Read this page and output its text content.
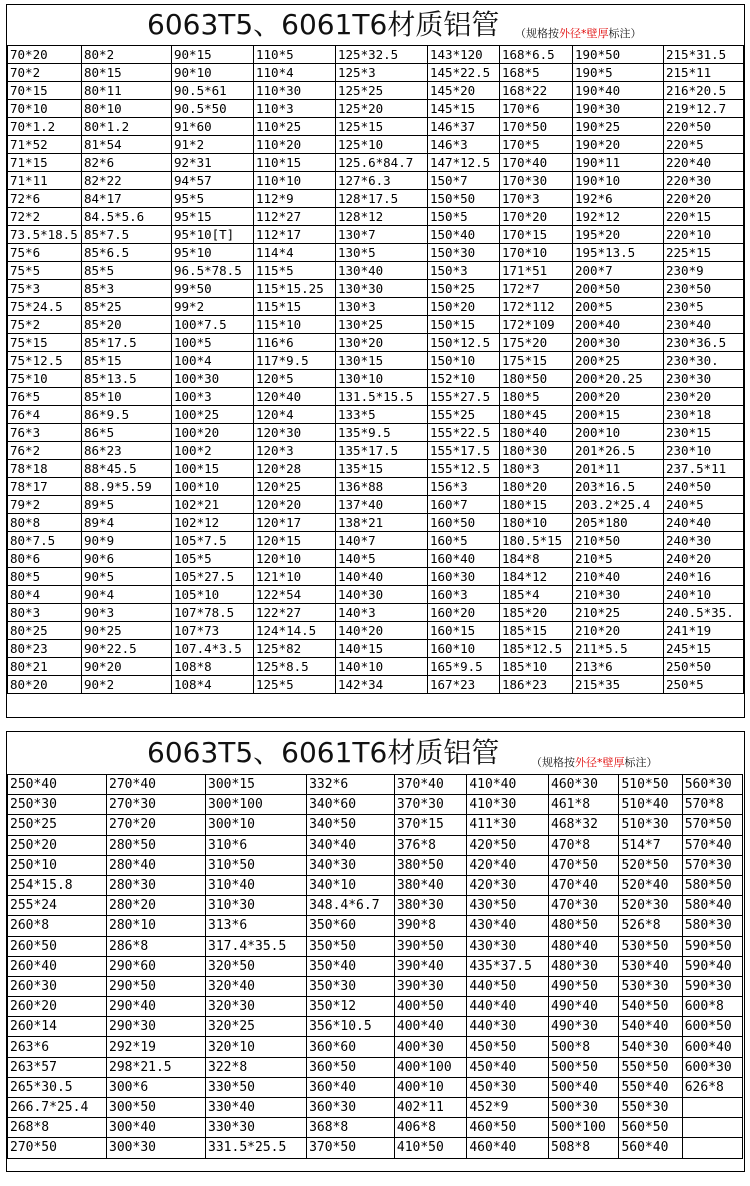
6063T5、6061T6材质铝管 （规格按外径*壁厚标注）
70*20	80*2	90*15	110*5	125*32.5	143*120	168*6.5	190*50	215*31.5
70*2	80*15	90*10	110*4	125*3	145*22.5	168*5	190*5	215*11
70*15	80*11	90.5*61	110*30	125*25	145*20	168*22	190*40	216*20.5
70*10	80*10	90.5*50	110*3	125*20	145*15	170*6	190*30	219*12.7
70*1.2	80*1.2	91*60	110*25	125*15	146*37	170*50	190*25	220*50
71*52	81*54	91*2	110*20	125*10	146*3	170*5	190*20	220*5
71*15	82*6	92*31	110*15	125.6*84.7	147*12.5	170*40	190*11	220*40
71*11	82*22	94*57	110*10	127*6.3	150*7	170*30	190*10	220*30
72*6	84*17	95*5	112*9	128*17.5	150*50	170*3	192*6	220*20
72*2	84.5*5.6	95*15	112*27	128*12	150*5	170*20	192*12	220*15
73.5*18.5	85*7.5	95*10[T]	112*17	130*7	150*40	170*15	195*20	220*10
75*6	85*6.5	95*10	114*4	130*5	150*30	170*10	195*13.5	225*15
75*5	85*5	96.5*78.5	115*5	130*40	150*3	171*51	200*7	230*9
75*3	85*3	99*50	115*15.25	130*30	150*25	172*7	200*50	230*50
75*24.5	85*25	99*2	115*15	130*3	150*20	172*112	200*5	230*5
75*2	85*20	100*7.5	115*10	130*25	150*15	172*109	200*40	230*40
75*15	85*17.5	100*5	116*6	130*20	150*12.5	175*20	200*30	230*36.5
75*12.5	85*15	100*4	117*9.5	130*15	150*10	175*15	200*25	230*30.
75*10	85*13.5	100*30	120*5	130*10	152*10	180*50	200*20.25	230*30
76*5	85*10	100*3	120*40	131.5*15.5	155*27.5	180*5	200*20	230*20
76*4	86*9.5	100*25	120*4	133*5	155*25	180*45	200*15	230*18
76*3	86*5	100*20	120*30	135*9.5	155*22.5	180*40	200*10	230*15
76*2	86*23	100*2	120*3	135*17.5	155*17.5	180*30	201*26.5	230*10
78*18	88*45.5	100*15	120*28	135*15	155*12.5	180*3	201*11	237.5*11
78*17	88.9*5.59	100*10	120*25	136*88	156*3	180*20	203*16.5	240*50
79*2	89*5	102*21	120*20	137*40	160*7	180*15	203.2*25.4	240*5
80*8	89*4	102*12	120*17	138*21	160*50	180*10	205*180	240*40
80*7.5	90*9	105*7.5	120*15	140*7	160*5	180.5*15	210*50	240*30
80*6	90*6	105*5	120*10	140*5	160*40	184*8	210*5	240*20
80*5	90*5	105*27.5	121*10	140*40	160*30	184*12	210*40	240*16
80*4	90*4	105*10	122*54	140*30	160*3	185*4	210*30	240*10
80*3	90*3	107*78.5	122*27	140*3	160*20	185*20	210*25	240.5*35.
80*25	90*25	107*73	124*14.5	140*20	160*15	185*15	210*20	241*19
80*23	90*22.5	107.4*3.5	125*82	140*15	160*10	185*12.5	211*5.5	245*15
80*21	90*20	108*8	125*8.5	140*10	165*9.5	185*10	213*6	250*50
80*20	90*2	108*4	125*5	142*34	167*23	186*23	215*35	250*5
6063T5、6061T6材质铝管	（规格按外径*壁厚标注）
250*40	270*40	300*15	332*6	370*40	410*40	460*30	510*50	560*30
250*30	270*30	300*100	340*60	370*30	410*30	461*8	510*40	570*8
250*25	270*20	300*10	340*50	370*15	411*30	468*32	510*30	570*50
250*20	280*50	310*6	340*40	376*8	420*50	470*8	514*7	570*40
250*10	280*40	310*50	340*30	380*50	420*40	470*50	520*50	570*30
254*15.8	280*30	310*40	340*10	380*40	420*30	470*40	520*40	580*50
255*24	280*20	310*30	348.4*6.7	380*30	430*50	470*30	520*30	580*40
260*8	280*10	313*6	350*60	390*8	430*40	480*50	526*8	580*30
260*50	286*8	317.4*35.5	350*50	390*50	430*30	480*40	530*50	590*50
260*40	290*60	320*50	350*40	390*40	435*37.5	480*30	530*40	590*40
260*30	290*50	320*40	350*30	390*30	440*50	490*50	530*30	590*30
260*20	290*40	320*30	350*12	400*50	440*40	490*40	540*50	600*8
260*14	290*30	320*25	356*10.5	400*40	440*30	490*30	540*40	600*50
263*6	292*19	320*10	360*60	400*30	450*50	500*8	540*30	600*40
263*57	298*21.5	322*8	360*50	400*100	450*40	500*50	550*50	600*30
265*30.5	300*6	330*50	360*40	400*10	450*30	500*40	550*40	626*8
266.7*25.4	300*50	330*40	360*30	402*11	452*9	500*30	550*30	
268*8	300*40	330*30	368*8	406*8	460*50	500*100	560*50	
270*50	300*30	331.5*25.5	370*50	410*50	460*40	508*8	560*40	
